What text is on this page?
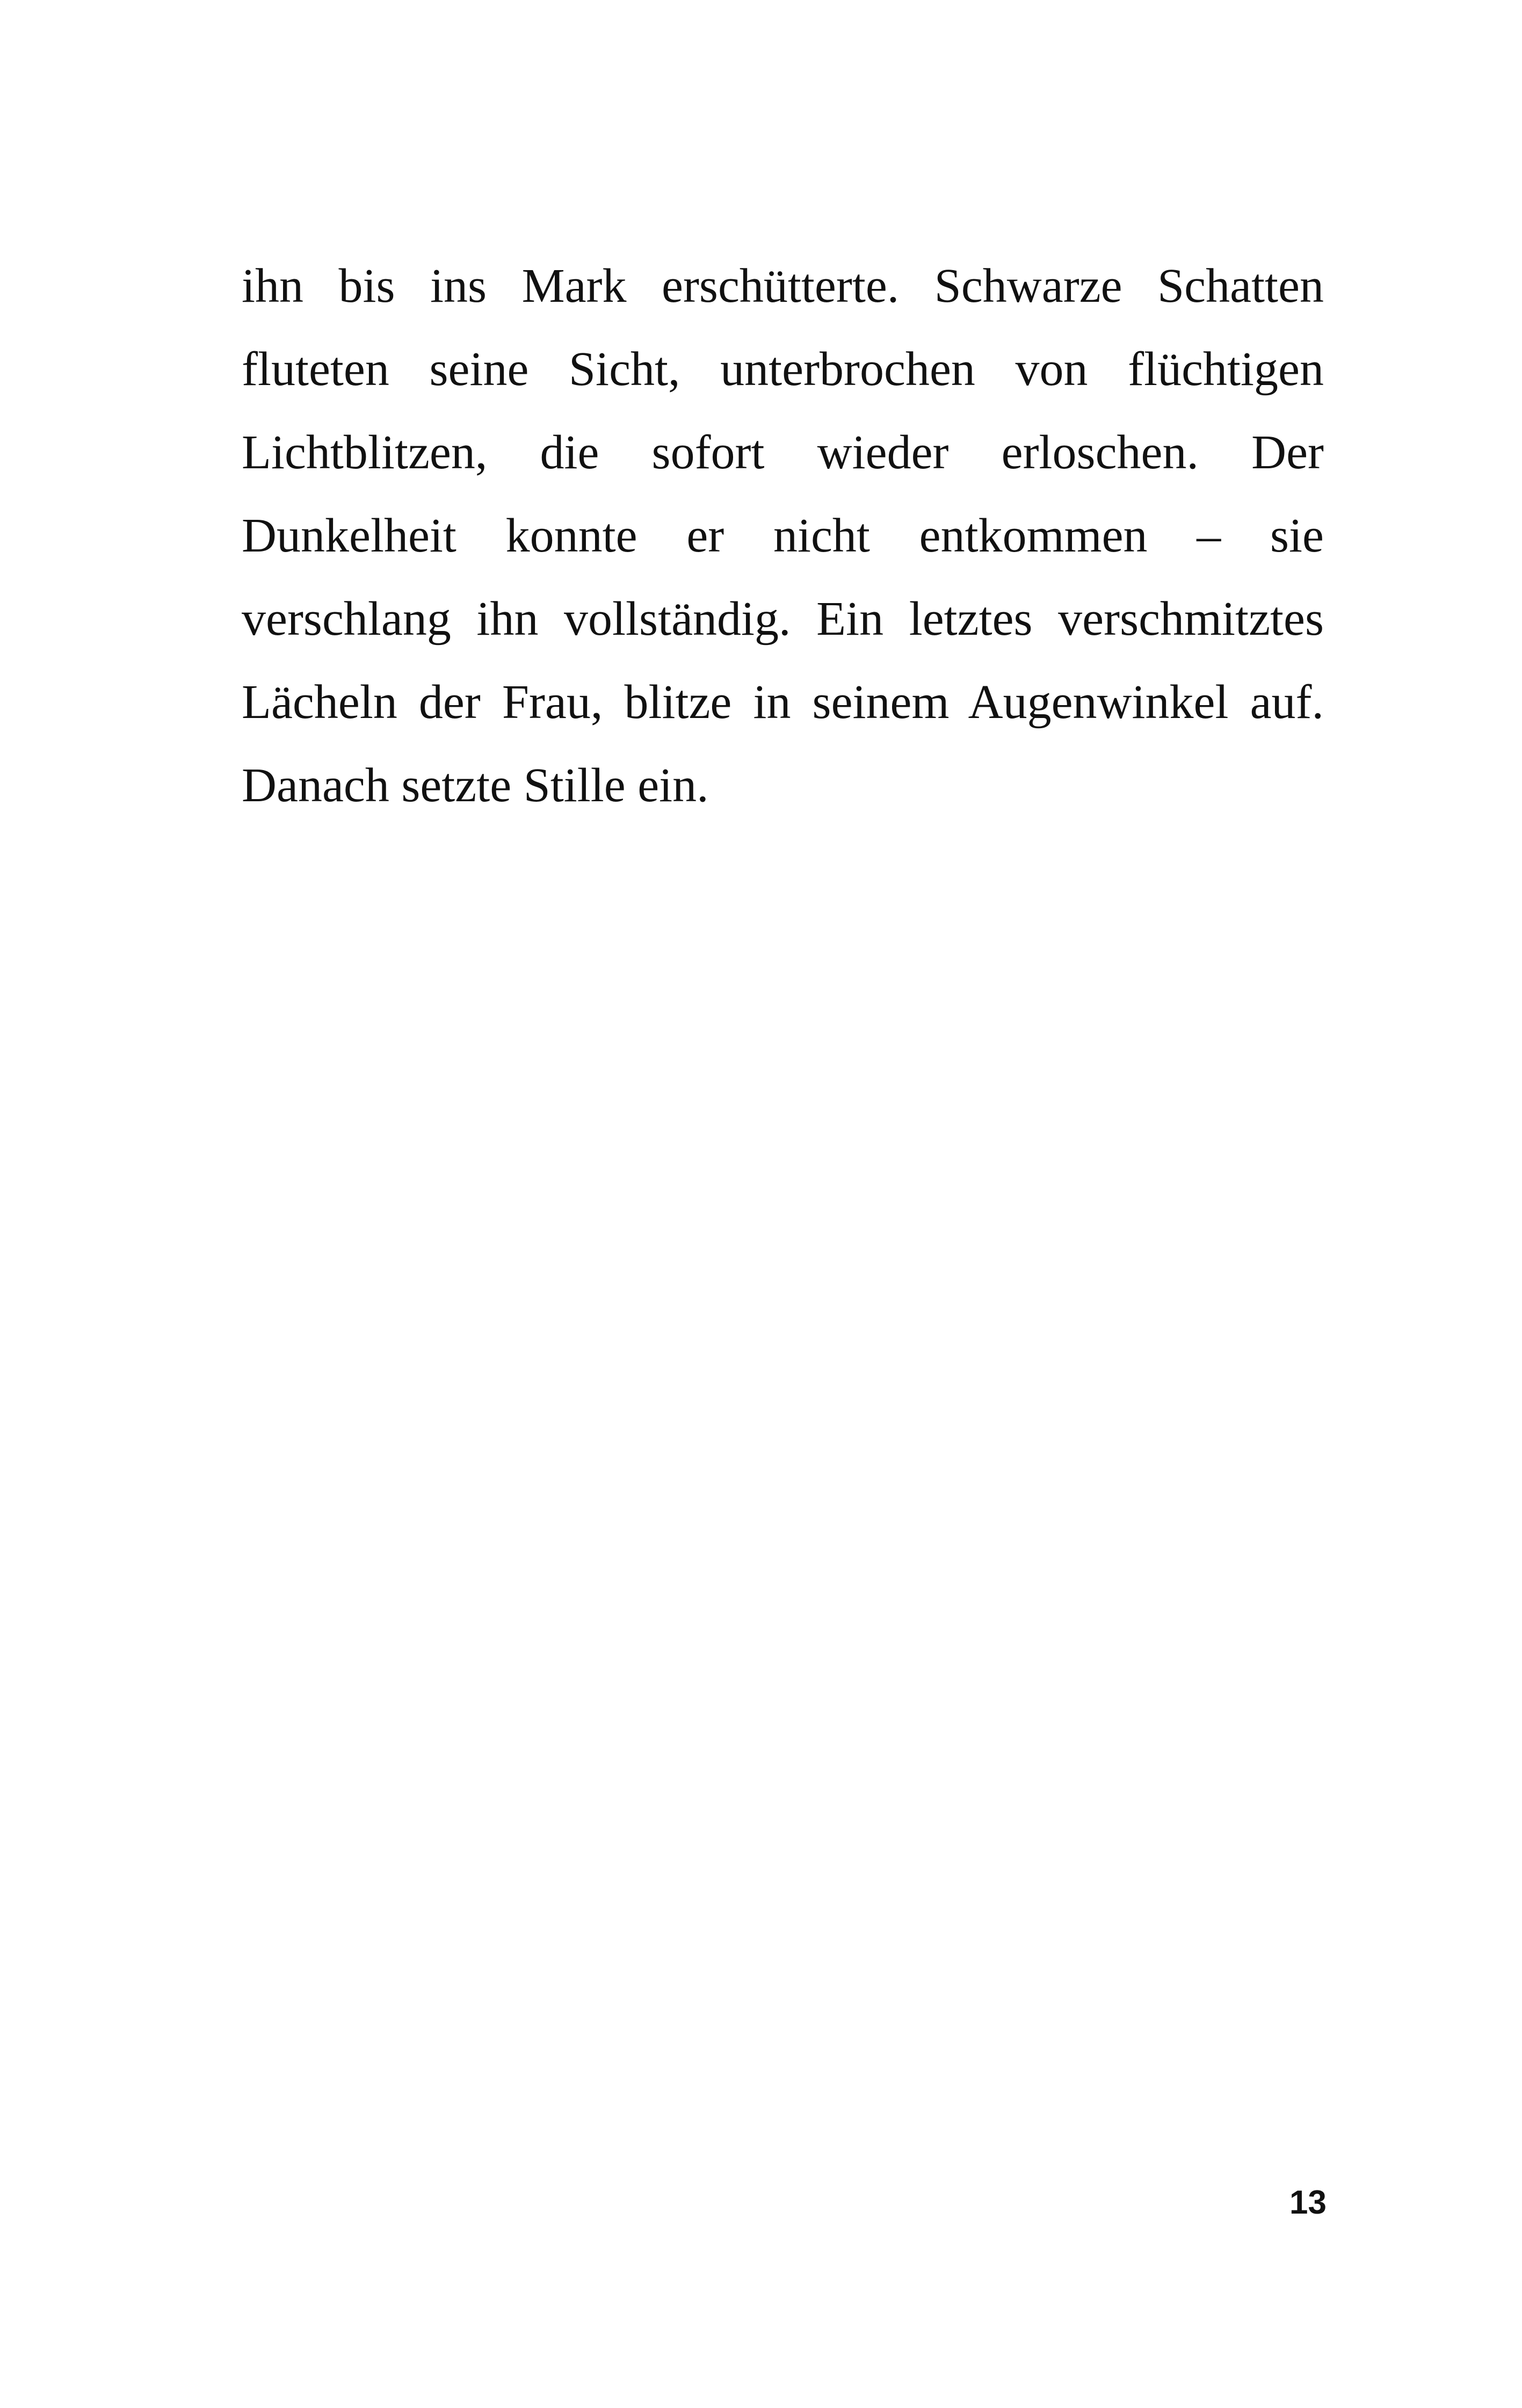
ihn bis ins Mark erschütterte. Schwarze Schatten
fluteten seine Sicht, unterbrochen von flüchtigen
Lichtblitzen, die sofort wieder erloschen. Der
Dunkelheit konnte er nicht entkommen – sie
verschlang ihn vollständig. Ein letztes verschmitztes
Lächeln der Frau, blitze in seinem Augenwinkel auf.
Danach setzte Stille ein.
13
